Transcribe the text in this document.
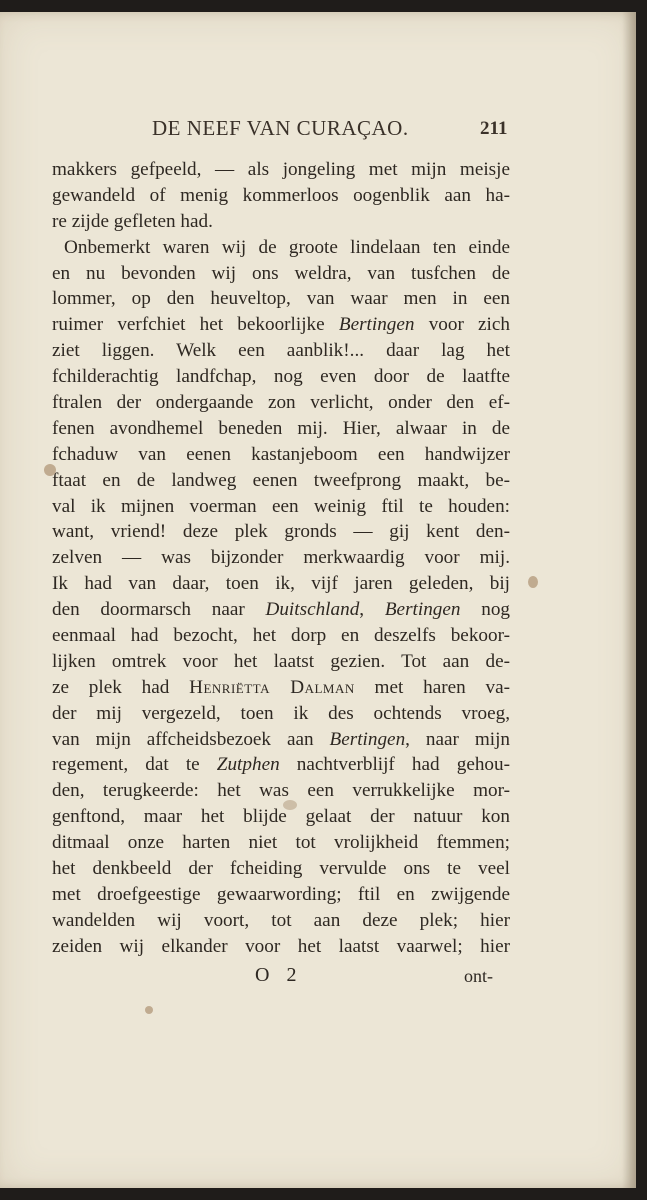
DE NEEF VAN CURAÇAO.	211
makkers gefpeeld, — als jongeling met mijn meisje
gewandeld of menig kommerloos oogenblik aan ha-
re zijde gefleten had.
Onbemerkt waren wij de groote lindelaan ten einde
en nu bevonden wij ons weldra, van tusfchen de
lommer, op den heuveltop, van waar men in een
ruimer verfchiet het bekoorlijke Bertingen voor zich
ziet liggen. Welk een aanblik!... daar lag het
fchilderachtig landfchap, nog even door de laatfte
ftralen der ondergaande zon verlicht, onder den ef-
fenen avondhemel beneden mij. Hier, alwaar in de
fchaduw van eenen kastanjeboom een handwijzer
ftaat en de landweg eenen tweefprong maakt, be-
val ik mijnen voerman een weinig ftil te houden:
want, vriend! deze plek gronds — gij kent den-
zelven — was bijzonder merkwaardig voor mij.
Ik had van daar, toen ik, vijf jaren geleden, bij
den doormarsch naar Duitschland, Bertingen nog
eenmaal had bezocht, het dorp en deszelfs bekoor-
lijken omtrek voor het laatst gezien. Tot aan de-
ze plek had Henriëtta Dalman met haren va-
der mij vergezeld, toen ik des ochtends vroeg,
van mijn affcheidsbezoek aan Bertingen, naar mijn
regement, dat te Zutphen nachtverblijf had gehou-
den, terugkeerde: het was een verrukkelijke mor-
genftond, maar het blijde gelaat der natuur kon
ditmaal onze harten niet tot vrolijkheid ftemmen;
het denkbeeld der fcheiding vervulde ons te veel
met droefgeestige gewaarwording; ftil en zwijgende
wandelden wij voort, tot aan deze plek; hier
zeiden wij elkander voor het laatst vaarwel; hier
O 2	ont-
